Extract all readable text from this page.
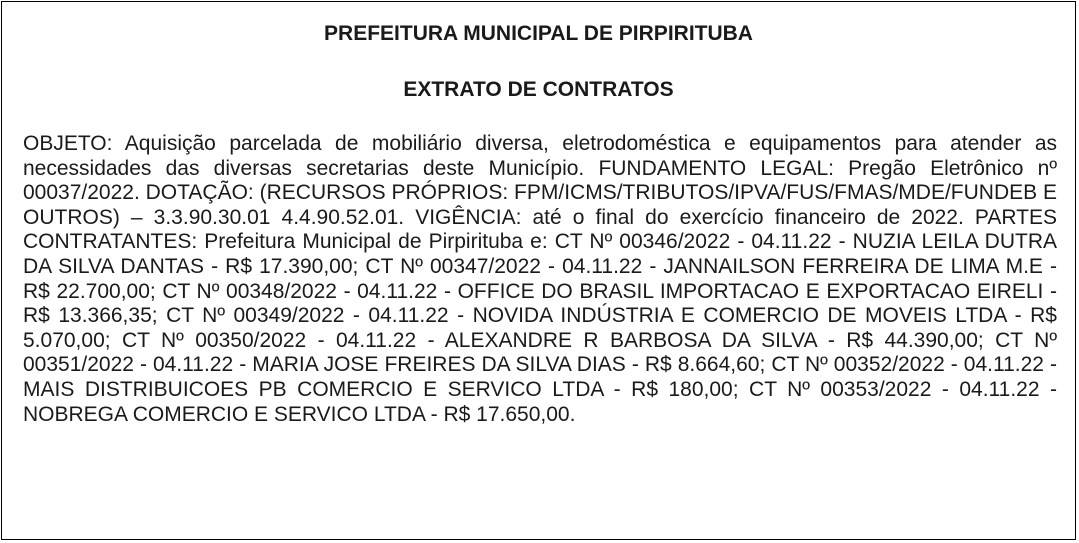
PREFEITURA MUNICIPAL DE PIRPIRITUBA
EXTRATO DE CONTRATOS

OBJETO: Aquisição parcelada de mobiliário diversa, eletrodoméstica e equipamentos para atender as necessidades das diversas secretarias deste Município. FUNDAMENTO LEGAL: Pregão Eletrônico nº 00037/2022. DOTAÇÃO: (RECURSOS PRÓPRIOS: FPM/ICMS/TRIBUTOS/IPVA/FUS/FMAS/MDE/FUNDEB E OUTROS) – 3.3.90.30.01 4.4.90.52.01. VIGÊNCIA: até o final do exercício financeiro de 2022. PARTES CONTRATANTES: Prefeitura Municipal de Pirpirituba e: CT Nº 00346/2022 - 04.11.22 - NUZIA LEILA DUTRA DA SILVA DANTAS - R$ 17.390,00; CT Nº 00347/2022 - 04.11.22 - JANNAILSON FERREIRA DE LIMA M.E - R$ 22.700,00; CT Nº 00348/2022 - 04.11.22 - OFFICE DO BRASIL IMPORTACAO E EXPORTACAO EIRELI - R$ 13.366,35; CT Nº 00349/2022 - 04.11.22 - NOVIDA INDÚSTRIA E COMERCIO DE MOVEIS LTDA - R$ 5.070,00; CT Nº 00350/2022 - 04.11.22 - ALEXANDRE R BARBOSA DA SILVA - R$ 44.390,00; CT Nº 00351/2022 - 04.11.22 - MARIA JOSE FREIRES DA SILVA DIAS - R$ 8.664,60; CT Nº 00352/2022 - 04.11.22 - MAIS DISTRIBUICOES PB COMERCIO E SERVICO LTDA - R$ 180,00; CT Nº 00353/2022 - 04.11.22 - NOBREGA COMERCIO E SERVICO LTDA - R$ 17.650,00.
